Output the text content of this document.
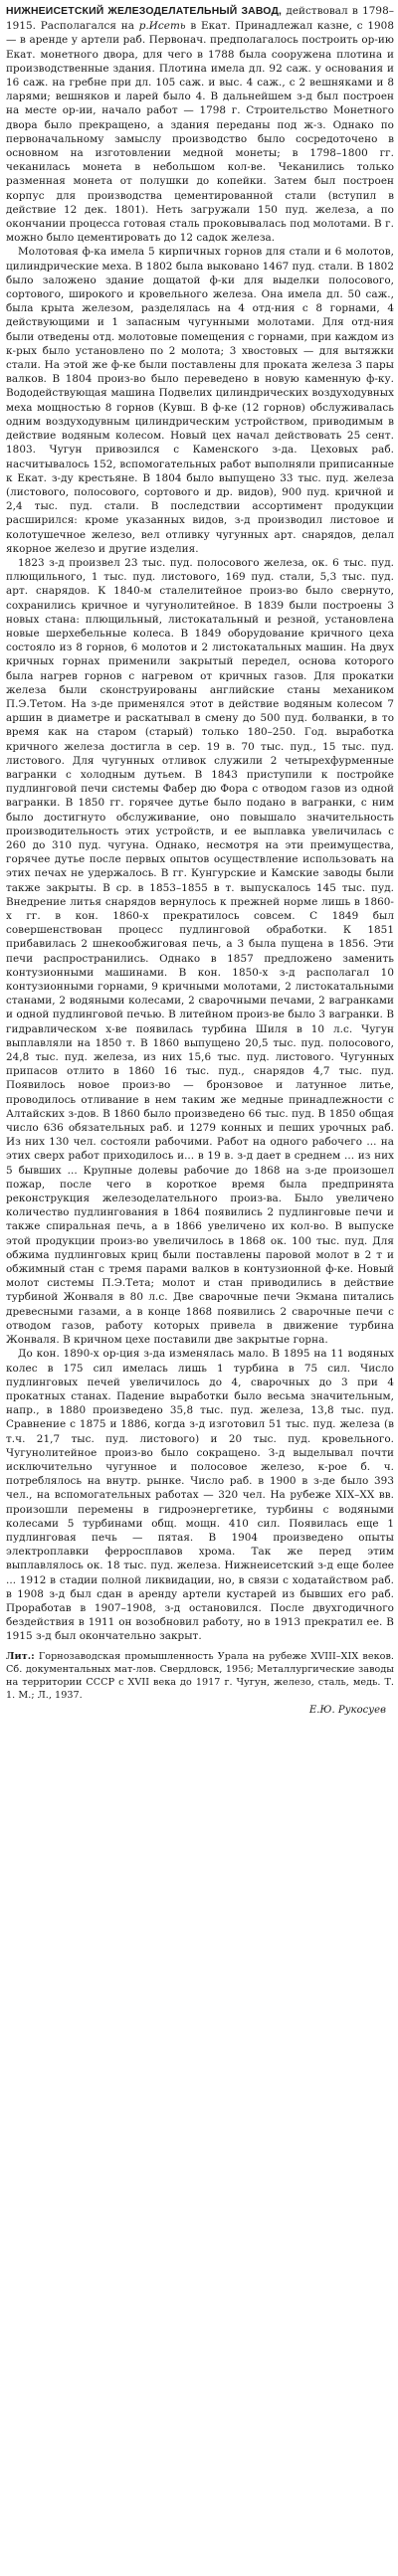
НИЖНЕИСЕТСКИЙ ЖЕЛЕЗОДЕЛАТЕЛЬНЫЙ ЗАВОД, действовал в 1798–1915. Располагался на р.Исеть в Екат. Принадлежал казне, с 1908 — в аренде у артели раб. Первонач. предполагалось построить ор-ию Екат. монетного двора, для чего в 1788 была сооружена плотина и производственные здания. Плотина имела дл. 92 саж. у основания и 16 саж. на гребне при дл. 105 саж. и выс. 4 саж., с 2 вешняками и 8 ларями; вешняков и ларей было 4. В дальнейшем з-д был построен на месте ор-ии, начало работ — 1798 г. Строительство Монетного двора было прекращено, а здания переданы под ж-з. Однако по первоначальному замыслу производство было сосредоточено в основном на изготовлении медной монеты; в 1798–1800 гг. чеканилась монета в небольшом кол-ве. Чеканились только разменная монета от полушки до копейки. Затем был построен корпус для производства цементированной стали (вступил в действие 12 дек. 1801). Неть загружали 150 пуд. железа, а по окончании процесса готовая сталь проковывалась под молотами. В г. можно было цементировать до 12 садок железа.

Молотовая ф-ка имела 5 кирпичных горнов для стали и 6 молотов, цилиндрические меха. В 1802 была выковано 1467 пуд. стали. В 1802 было заложено здание дощатой ф-ки для выделки полосового, сортового, широкого и кровельного железа. Она имела дл. 50 саж., была крыта железом, разделялась на 4 отд-ния с 8 горнами, 4 действующими и 1 запасным чугунными молотами. Для отд-ния были отведены отд. молотовые помещения с горнами, при каждом из к-рых было установлено по 2 молота; 3 хвостовых — для вытяжки стали. На этой же ф-ке были поставлены для проката железа 3 пары валков. В 1804 произ-во было переведено в новую каменную ф-ку. Вододействующая машина Подвелих цилиндрических воздуходувных меха мощностью 8 горнов (Кувш. В ф-ке (12 горнов) обслуживалась одним воздуходувным цилиндрическим устройством, приводимым в действие водяным колесом. Новый цех начал действовать 25 сент. 1803. Чугун привозился с Каменского з-да. Цеховых раб. насчитывалось 152, вспомогательных работ выполняли приписанные к Екат. з-ду крестьяне. В 1804 было выпущено 33 тыс. пуд. железа (листового, полосового, сортового и др. видов), 900 пуд. кричной и 2,4 тыс. пуд. стали. В последствии ассортимент продукции расширился: кроме указанных видов, з-д производил листовое и колотушечное железо, вел отливку чугунных арт. снарядов, делал якорное железо и другие изделия.

1823 з-д произвел 23 тыс. пуд. полосового железа, ок. 6 тыс. пуд. плющильного, 1 тыс. пуд. листового, 169 пуд. стали, 5,3 тыс. пуд. арт. снарядов. К 1840-м сталелитейное произ-во было свернуто, сохранились кричное и чугунолитейное. В 1839 были построены 3 новых стана: плющильный, листокатальный и резной, установлена новые шерхебельные колеса. В 1849 оборудование кричного цеха состояло из 8 горнов, 6 молотов и 2 листокатальных машин. На двух кричных горнах применили закрытый передел, основа которого была нагрев горнов с нагревом от кричных газов. Для прокатки железа были сконструированы английские станы механиком П.Э.Тетом. На з-де применялся этот в действие водяным колесом 7 аршин в диаметре и раскатывал в смену до 500 пуд. болванки, в то время как на старом (старый) только 180–250. Год. выработка кричного железа достигла в сер. 19 в. 70 тыс. пуд., 15 тыс. пуд. листового. Для чугунных отливок служили 2 четырехфурменные вагранки с холодным дутьем. В 1843 приступили к постройке пудлинговой печи системы Фабер дю Фора с отводом газов из одной вагранки. В 1850 гг. горячее дутье было подано в вагранки, с ним было достигнуто обслуживание, оно повышало значительность производительность этих устройств, и ее выплавка увеличилась с 260 до 310 пуд. чугуна. Однако, несмотря на эти преимущества, горячее дутье после первых опытов осуществление использовать на этих печах не удержалось. В гг. Кунгурские и Камские заводы были также закрыты. В ср. в 1853–1855 в т. выпускалось 145 тыс. пуд. Внедрение литья снарядов вернулось к прежней норме лишь в 1860-х гг. в кон. 1860-х прекратилось совсем. С 1849 был совершенствован процесс пудлинговой обработки. К 1851 прибавилась 2 шнекообжиговая печь, а 3 была пущена в 1856. Эти печи распространились. Однако в 1857 предложено заменить контузионными машинами. В кон. 1850-х з-д располагал 10 контузионными горнами, 9 кричными молотами, 2 листокатальными станами, 2 водяными колесами, 2 сварочными печами, 2 вагранками и одной пудлинговой печью. В литейном произ-ве было 3 вагранки. В гидравлическом х-ве появилась турбина Шиля в 10 л.с. Чугун выплавляли на 1850 т. В 1860 выпущено 20,5 тыс. пуд. полосового, 24,8 тыс. пуд. железа, из них 15,6 тыс. пуд. листового. Чугунных припасов отлито в 1860 16 тыс. пуд., снарядов 4,7 тыс. пуд. Появилось новое произ-во — бронзовое и латунное литье, проводилось отливание в нем таким же медные принадлежности с Алтайских з-дов. В 1860 было произведено 66 тыс. пуд. В 1850 общая число 636 обязательных раб. и 1279 конных и пеших урочных раб. Из них 130 чел. состояли рабочими. Работ на одного рабочего ... на этих сверх работ приходилось и... в 19 в. з-д дает в среднем ... из них 5 бывших ... Крупные долевы рабочие до 1868 на з-де произошел пожар, после чего в короткое время была предпринята реконструкция железоделательного произ-ва. Было увеличено количество пудлингования в 1864 появились 2 пудлинговые печи и также спиральная печь, а в 1866 увеличено их кол-во. В выпуске этой продукции произ-во увеличилось в 1868 ок. 100 тыс. пуд. Для обжима пудлинговых криц были поставлены паровой молот в 2 т и обжимный стан с тремя парами валков в контузионной ф-ке. Новый молот системы П.Э.Тета; молот и стан приводились в действие турбиной Жонваля в 80 л.с. Две сварочные печи Экмана питались древесными газами, а в конце 1868 появились 2 сварочные печи с отводом газов, работу которых привела в движение турбина Жонваля. В кричном цехе поставили две закрытые горна.

До кон. 1890-х ор-ция з-да изменялась мало. В 1895 на 11 водяных колес в 175 сил имелась лишь 1 турбина в 75 сил. Число пудлинговых печей увеличилось до 4, сварочных до 3 при 4 прокатных станах. Падение выработки было весьма значительным, напр., в 1880 произведено 35,8 тыс. пуд. железа, 13,8 тыс. пуд. Сравнение с 1875 и 1886, когда з-д изготовил 51 тыс. пуд. железа (в т.ч. 21,7 тыс. пуд. листового) и 20 тыс. пуд. кровельного. Чугунолитейное произ-во было сокращено. З-д выделывал почти исключительно чугунное и полосовое железо, к-рое б. ч. потреблялось на внутр. рынке. Число раб. в 1900 в з-де было 393 чел., на вспомогательных работах — 320 чел. На рубеже XIX–XX вв. произошли перемены в гидроэнергетике, турбины с водяными колесами 5 турбинами общ. мощн. 410 сил. Появилась еще 1 пудлинговая печь — пятая. В 1904 произведено опыты электроплавки ферросплавов хрома. Так же перед этим выплавлялось ок. 18 тыс. пуд. железа. Нижнеисетский з-д еще более ... 1912 в стадии полной ликвидации, но, в связи с ходатайством раб. в 1908 з-д был сдан в аренду артели кустарей из бывших его раб. Проработав в 1907–1908, з-д остановился. После двухгодичного бездействия в 1911 он возобновил работу, но в 1913 прекратил ее. В 1915 з-д был окончательно закрыт.

Лит.: Горнозаводская промышленность Урала на рубеже XVIII–XIX веков. Сб. документальных мат-лов. Свердловск, 1956; Металлургические заводы на территории СССР с XVII века до 1917 г. Чугун, железо, сталь, медь. Т. 1. М.; Л., 1937.

Е.Ю. Рукосуев
